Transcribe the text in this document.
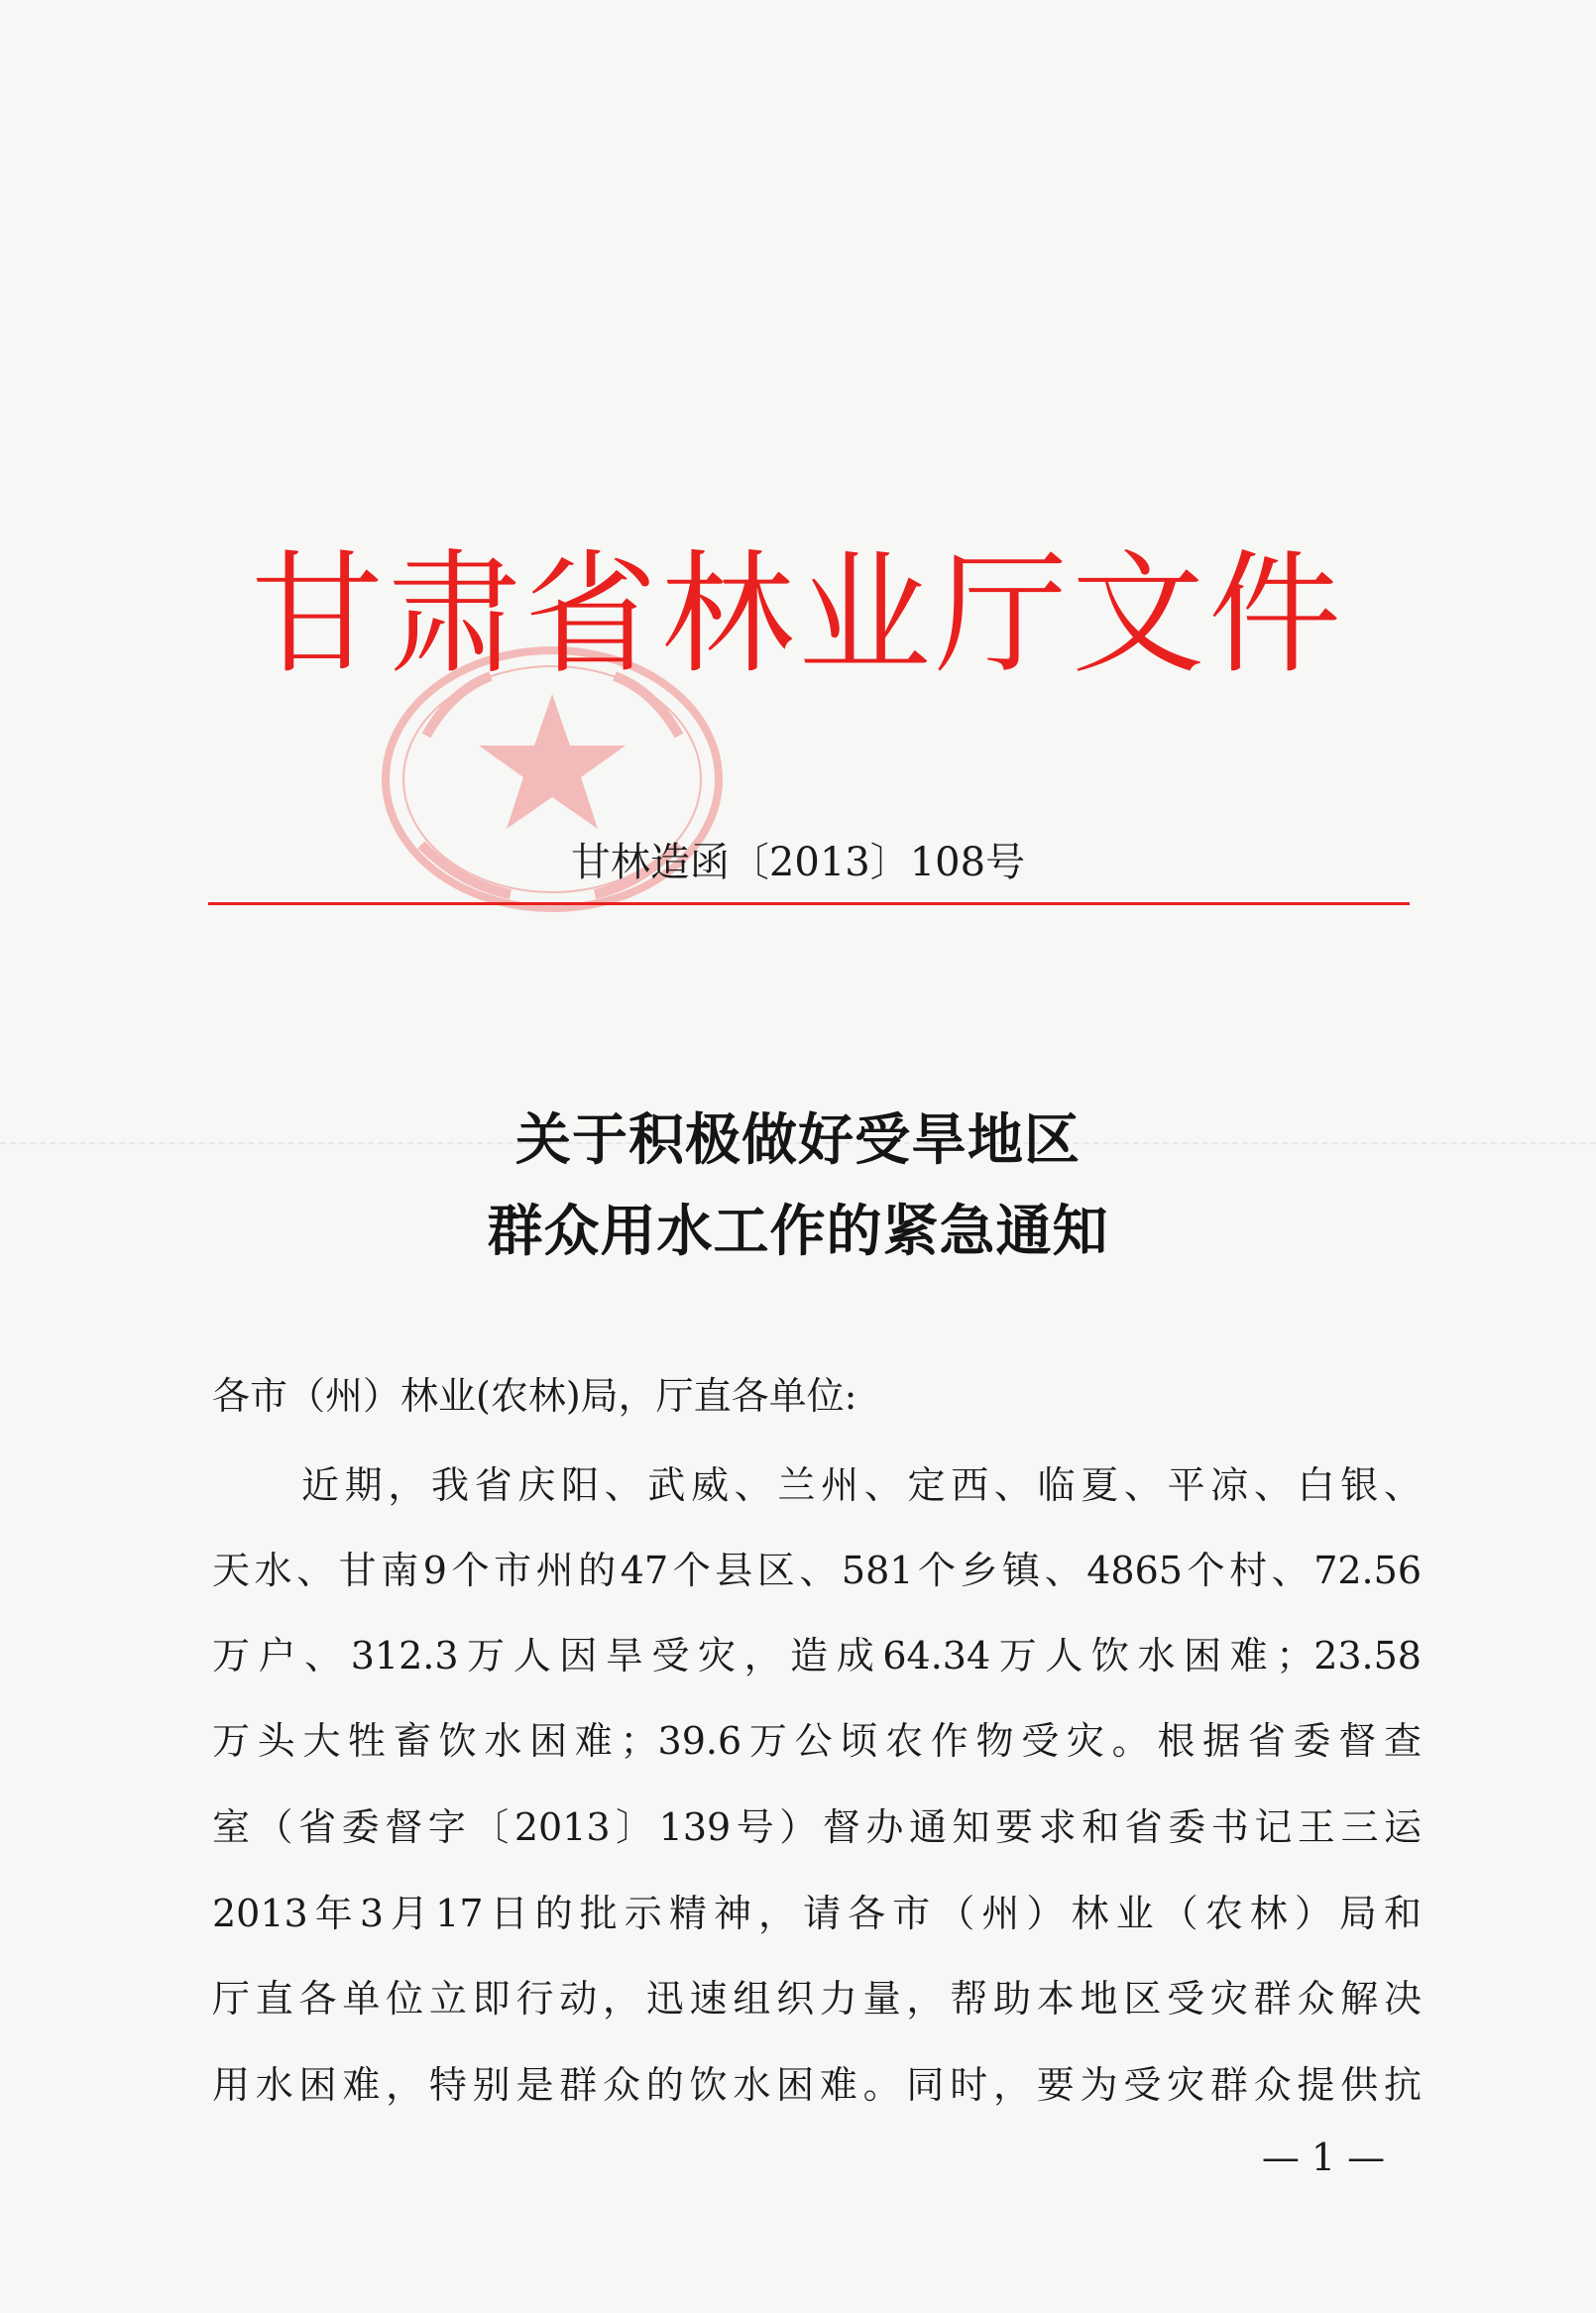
甘肃省林业厅文件
甘林造函〔2013〕108号
关于积极做好受旱地区
群众用水工作的紧急通知
各市（州）林业(农林)局，厅直各单位:
近期，我省庆阳、武威、兰州、定西、临夏、平凉、白银、
天水、甘南9个市州的47个县区、581个乡镇、4865个村、72.56
万户、312.3万人因旱受灾，造成64.34万人饮水困难；23.58
万头大牲畜饮水困难；39.6万公顷农作物受灾。根据省委督查
室（省委督字〔2013〕139号）督办通知要求和省委书记王三运
2013年3月17日的批示精神，请各市（州）林业（农林）局和
厅直各单位立即行动，迅速组织力量，帮助本地区受灾群众解决
用水困难，特别是群众的饮水困难。同时，要为受灾群众提供抗
— 1 —
